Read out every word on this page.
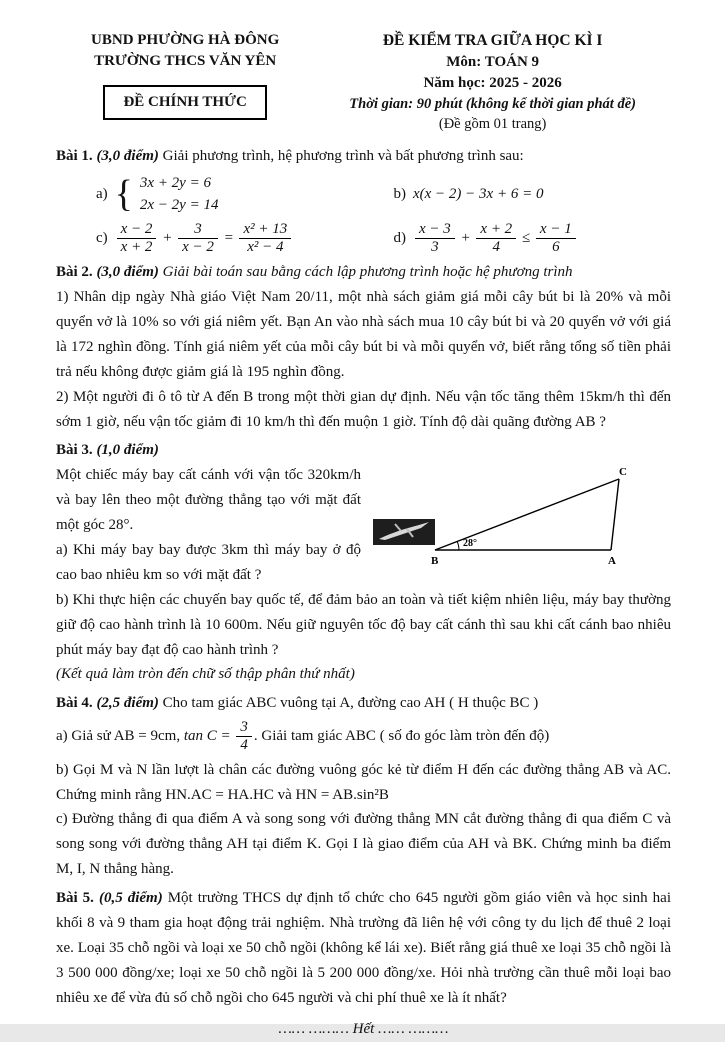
UBND PHƯỜNG HÀ ĐÔNG
TRƯỜNG THCS VĂN YÊN
ĐỀ CHÍNH THỨC
ĐỀ KIỂM TRA GIỮA HỌC KÌ I
Môn: TOÁN 9
Năm học: 2025 - 2026
Thời gian: 90 phút (không kể thời gian phát đề)
(Đề gồm 01 trang)

Bài 1. (3,0 điểm) Giải phương trình, hệ phương trình và bất phương trình sau:

a) { 3x + 2y = 6
2x − 2y = 14
b) x(x − 2) − 3x + 6 = 0
$c) \frac{x - 2}{x + 2} + \frac{3}{x - 2} = \frac{\text{x² + 13}}{\text{x² − 4}}$	$d) \frac{x - 3}{3} + \frac{x + 2}{4} \le \frac{x - 1}{6}$

Bài 2. (3,0 điểm) Giải bài toán sau bằng cách lập phương trình hoặc hệ phương trình

1) Nhân dịp ngày Nhà giáo Việt Nam 20/11, một nhà sách giảm giá mỗi cây bút bi là 20% và mỗi quyển vở là 10% so với giá niêm yết. Bạn An vào nhà sách mua 10 cây bút bi và 20 quyển vở với giá là 172 nghìn đồng. Tính giá niêm yết của mỗi cây bút bi và mỗi quyển vở, biết rằng tổng số tiền phải trả nếu không được giảm giá là 195 nghìn đồng.

2) Một người đi ô tô từ A đến B trong một thời gian dự định. Nếu vận tốc tăng thêm 15km/h thì đến sớm 1 giờ, nếu vận tốc giảm đi 10 km/h thì đến muộn 1 giờ. Tính độ dài quãng đường AB ?

Bài 3. (1,0 điểm)

28°
B	A
C

Một chiếc máy bay cất cánh với vận tốc 320km/h và bay lên theo một đường thẳng tạo với mặt đất một góc 28°.

a) Khi máy bay bay được 3km thì máy bay ở độ cao bao nhiêu km so với mặt đất ?

b) Khi thực hiện các chuyến bay quốc tế, để đảm bảo an toàn và tiết kiệm nhiên liệu, máy bay thường giữ độ cao hành trình là 10 600m. Nếu giữ nguyên tốc độ bay cất cánh thì sau khi cất cánh bao nhiêu phút máy bay đạt độ cao hành trình ?

(Kết quả làm tròn đến chữ số thập phân thứ nhất)

Bài 4. (2,5 điểm) Cho tam giác ABC vuông tại A, đường cao AH ( H thuộc BC )

a) Giả sử AB = 9cm, $\tan C = \frac{3}{4}$ . Giải tam giác ABC ( số đo góc làm tròn đến độ)

b) Gọi M và N lần lượt là chân các đường vuông góc kẻ từ điểm H đến các đường thẳng AB và AC. Chứng minh rằng HN.AC = HA.HC và HN = AB.sin²B

c) Đường thẳng đi qua điểm A và song song với đường thẳng MN cắt đường thẳng đi qua điểm C và song song với đường thẳng AH tại điểm K. Gọi I là giao điểm của AH và BK. Chứng minh ba điểm M, I, N thẳng hàng.

Bài 5. (0,5 điểm) Một trường THCS dự định tổ chức cho 645 người gồm giáo viên và học sinh hai khối 8 và 9 tham gia hoạt động trải nghiệm. Nhà trường đã liên hệ với công ty du lịch để thuê 2 loại xe. Loại 35 chỗ ngồi và loại xe 50 chỗ ngồi (không kể lái xe). Biết rằng giá thuê xe loại 35 chỗ ngồi là 3 500 000 đồng/xe; loại xe 50 chỗ ngồi là 5 200 000 đồng/xe. Hỏi nhà trường cần thuê mỗi loại bao nhiêu xe để vừa đủ số chỗ ngồi cho 645 người và chi phí thuê xe là ít nhất?

…… ……… Hết …… ………
